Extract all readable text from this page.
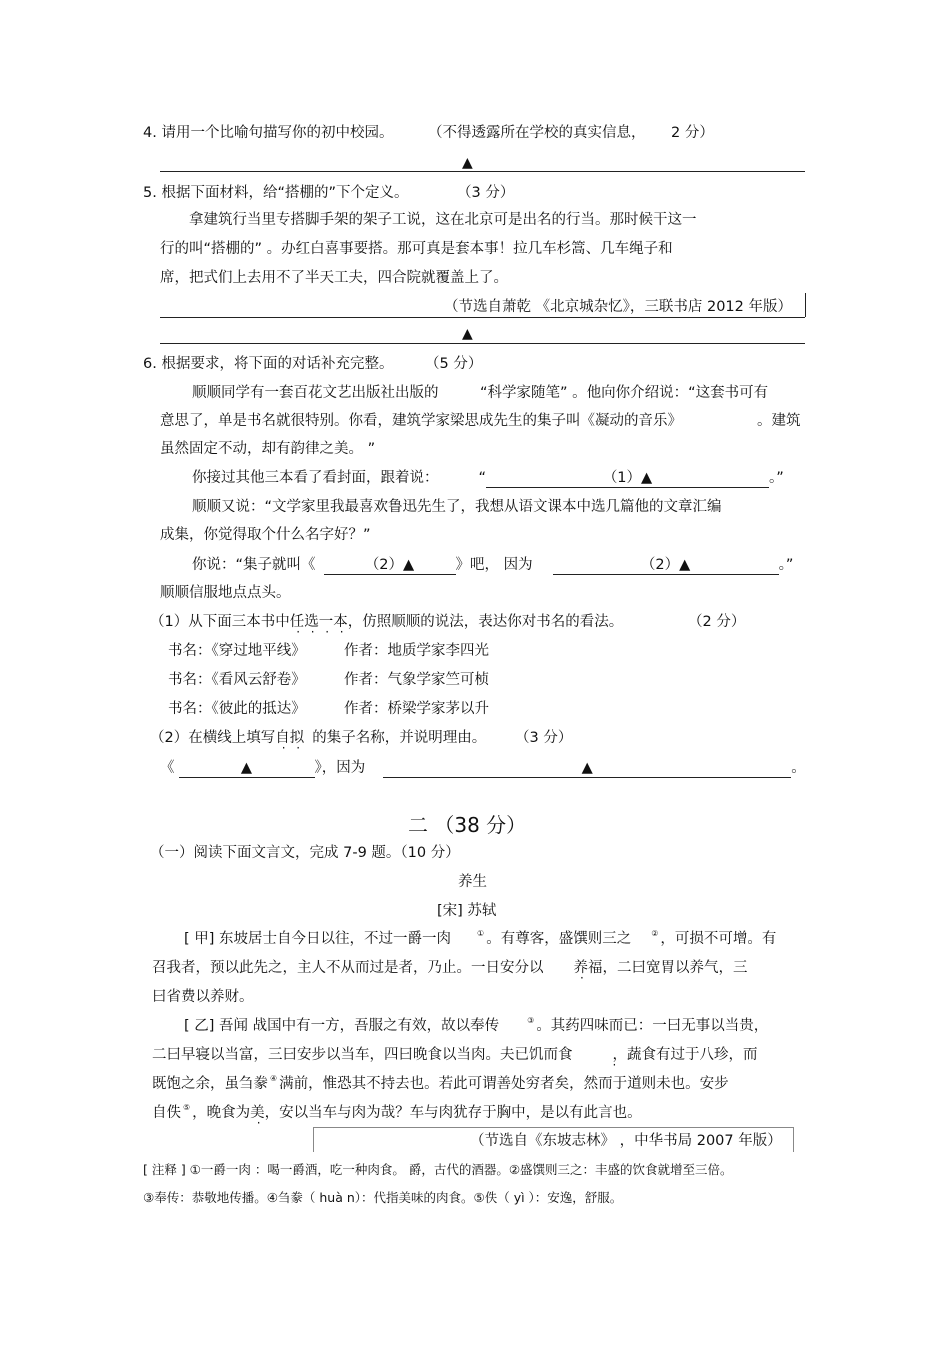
4. 请用一个比喻句描写你的初中校园。 （不得透露所在学校的真实信息， 2 分）
▲
5. 根据下面材料，给“搭棚的”下个定义。	（3 分）
拿建筑行当里专搭脚手架的架子工说，这在北京可是出名的行当。那时候干这一
行的叫“搭棚的” 。办红白喜事要搭。那可真是套本事！拉几车杉篙、几车绳子和
席，把式们上去用不了半天工夫，四合院就覆盖上了。
（节选自萧乾 《北京城杂忆》，三联书店 2012 年版）
▲
6. 根据要求，将下面的对话补充完整。 （5 分）
顺顺同学有一套百花文艺出版社出版的	“科学家随笔” 。他向你介绍说：“这套书可有
意思了，单是书名就很特别。你看，建筑学家梁思成先生的集子叫《凝动的音乐》	。建筑
虽然固定不动，却有韵律之美。 ”
你接过其他三本看了看封面，跟着说：	“	（1）▲	。”
顺顺又说：“文学家里我最喜欢鲁迅先生了，我想从语文课本中选几篇他的文章汇编
成集，你觉得取个什么名字好？”
你说：“集子就叫《	（2）▲	》吧， 因为	（2）▲	。”
顺顺信服地点点头。
（1）从下面三本书中任选一本，仿照顺顺的说法，表达你对书名的看法。	（2 分）
书名：《穿过地平线》	作者：地质学家李四光
书名：《看风云舒卷》	作者：气象学家竺可桢
书名：《彼此的抵达》	作者：桥梁学家茅以升
（2）在横线上填写自拟 的集子名称，并说明理由。 （3 分）
《	▲	》，因为	▲	。
二 （38 分）
（一）阅读下面文言文，完成 7-9 题。（10 分）
养生
[宋] 苏轼
[ 甲] 东坡居士自今日以往，不过一爵一肉	① 。有尊客，盛馔则三之	② ，可损不可增。有
召我者，预以此先之，主人不从而过是者，乃止。一日安分以 养福，二曰宽胃以养气，三
曰省费以养财。
[ 乙] 吾闻 战国中有一方，吾服之有效，故以奉传	③ 。其药四味而已：一曰无事以当贵，
二曰早寝以当富，三曰安步以当车，四曰晚食以当肉。夫已饥而食	，蔬食有过于八珍，而
既饱之余，虽刍豢 ④ 满前，惟恐其不持去也。若此可谓善处穷者矣，然而于道则未也。安步
自佚 ⑤ ，晚食为美，安以当车与肉为哉？车与肉犹存于胸中，是以有此言也。
（节选自《东坡志林》 ，中华书局 2007 年版）
[ 注释 ] ①一爵一肉 ：喝一爵酒，吃一种肉食。 爵，古代的酒器。②盛馔则三之：丰盛的饮食就增至三倍。
③奉传：恭敬地传播。④刍豢（ huà n）：代指美味的肉食。⑤佚（ yì ）：安逸，舒服。
